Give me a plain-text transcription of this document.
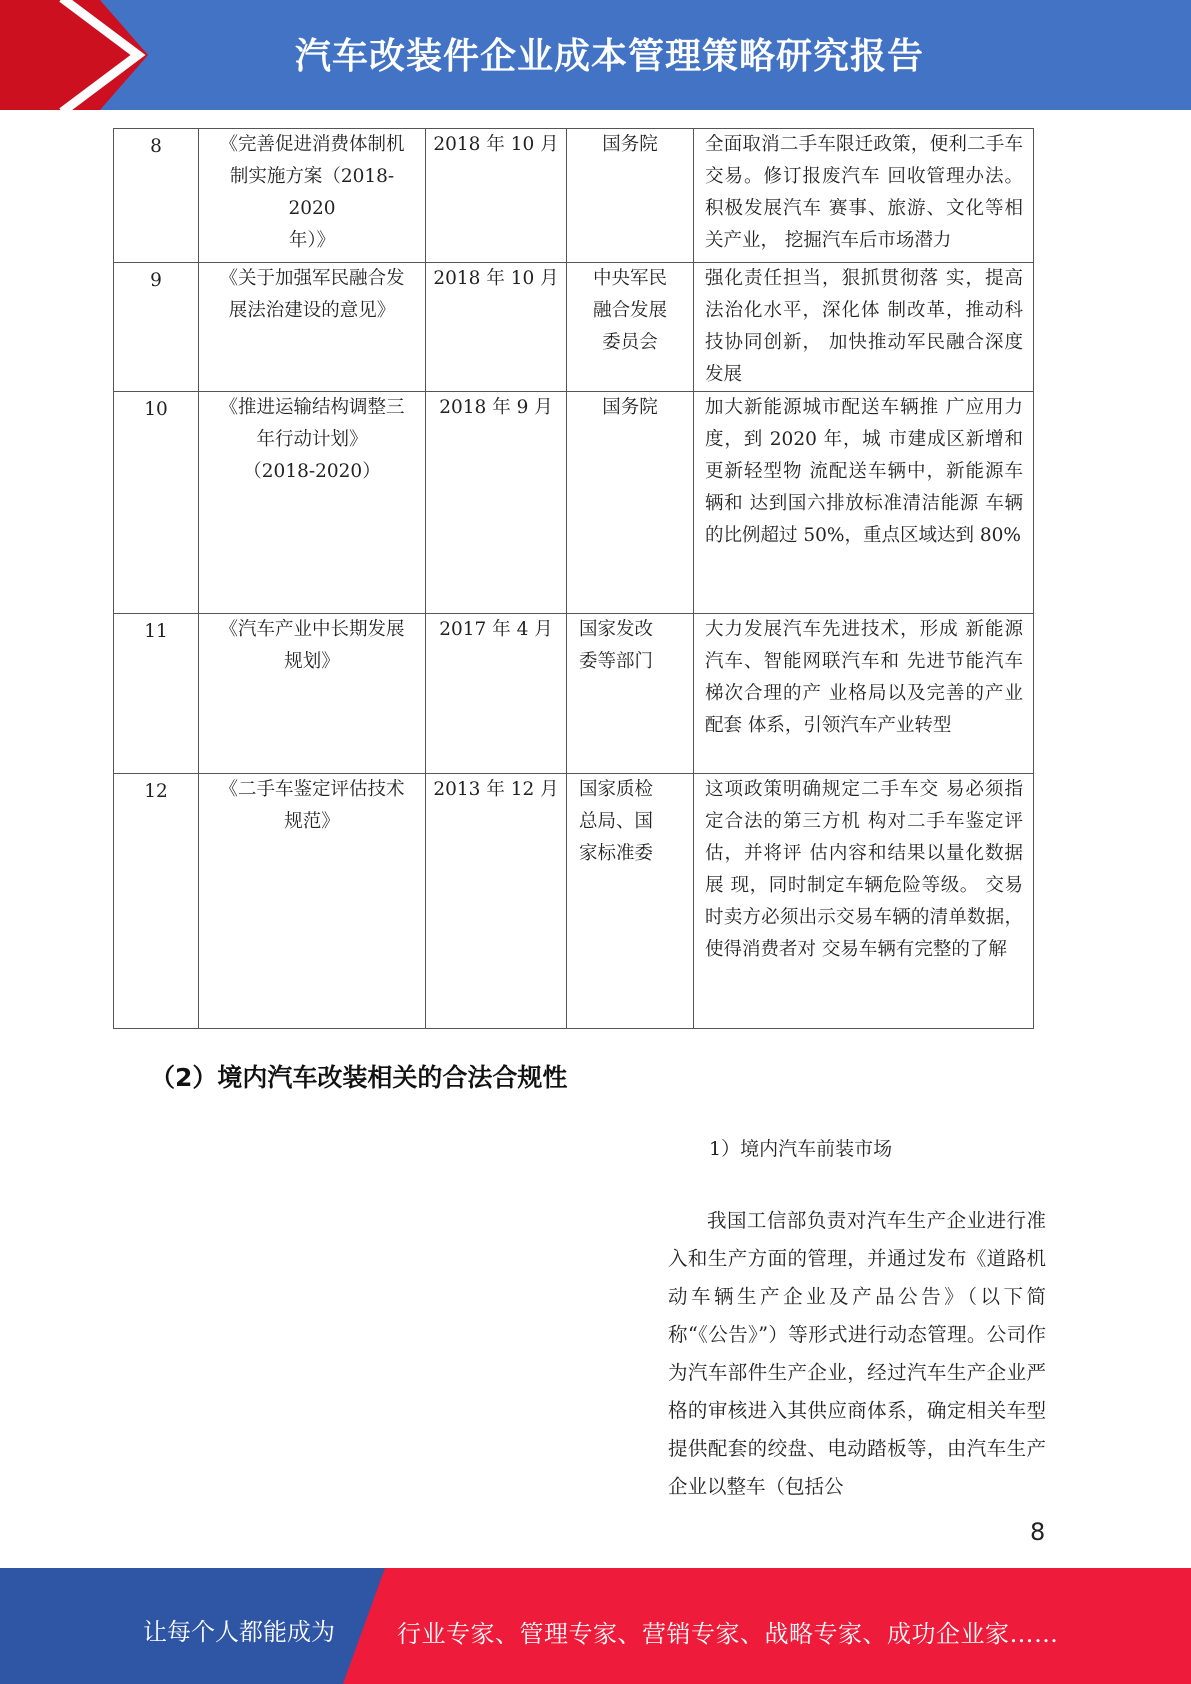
汽车改装件企业成本管理策略研究报告
8	《完善促进消费体制机
制实施方案（2018-
2020
年）》	2018 年 10 月	国务院	全面取消二手车限迁政策，便利二手车交易。修订报废汽车 回收管理办法。积极发展汽车 赛事、旅游、文化等相关产业， 挖掘汽车后市场潜力
9	《关于加强军民融合发展法治建设的意见》	2018 年 10 月	中央军民
融合发展
委员会	强化责任担当，狠抓贯彻落 实，提高法治化水平，深化体 制改革，推动科技协同创新， 加快推动军民融合深度发展
10	《推进运输结构调整三
年行动计划》
（2018-2020）	2018 年 9 月	国务院	加大新能源城市配送车辆推 广应用力度，到 2020 年，城 市建成区新增和更新轻型物 流配送车辆中，新能源车辆和 达到国六排放标准清洁能源 车辆的比例超过 50%，重点区域达到 80%
11	《汽车产业中长期发展规划》	2017 年 4 月	国家发改
委等部门	大力发展汽车先进技术，形成 新能源汽车、智能网联汽车和 先进节能汽车梯次合理的产 业格局以及完善的产业配套 体系，引领汽车产业转型
12	《二手车鉴定评估技术规范》	2013 年 12 月	国家质检
总局、国
家标准委	这项政策明确规定二手车交 易必须指定合法的第三方机 构对二手车鉴定评估，并将评 估内容和结果以量化数据展 现，同时制定车辆危险等级。 交易时卖方必须出示交易车辆的清单数据，使得消费者对 交易车辆有完整的了解
（2）境内汽车改装相关的合法合规性
1）境内汽车前装市场
我国工信部负责对汽车生产企业进行准入和生产方面的管理，并通过发布《道路机动车辆生产企业及产品公告》（以下简称“《公告》”）等形式进行动态管理。公司作为汽车部件生产企业，经过汽车生产企业严格的审核进入其供应商体系，确定相关车型提供配套的绞盘、电动踏板等，由汽车生产企业以整车（包括公
8
让每个人都能成为	行业专家、管理专家、营销专家、战略专家、成功企业家……
